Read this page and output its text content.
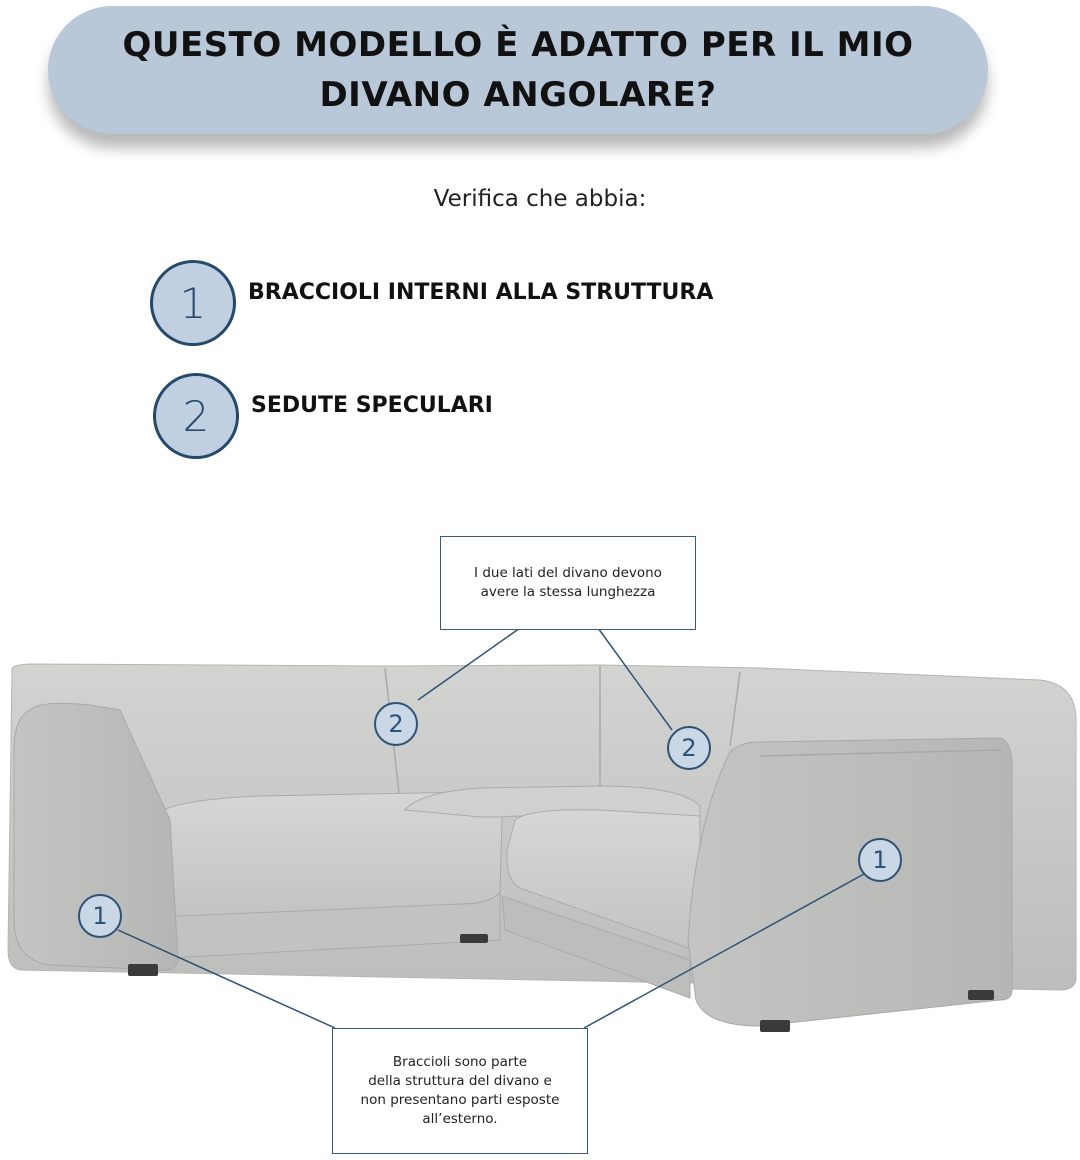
QUESTO MODELLO È ADATTO PER IL MIO DIVANO ANGOLARE?
Verifica che abbia:
1	BRACCIOLI INTERNI ALLA STRUTTURA
2	SEDUTE SPECULARI
I due lati del divano devono
avere la stessa lunghezza
Braccioli sono parte
della struttura del divano e
non presentano parti esposte
all’esterno.
2
2
1
1
